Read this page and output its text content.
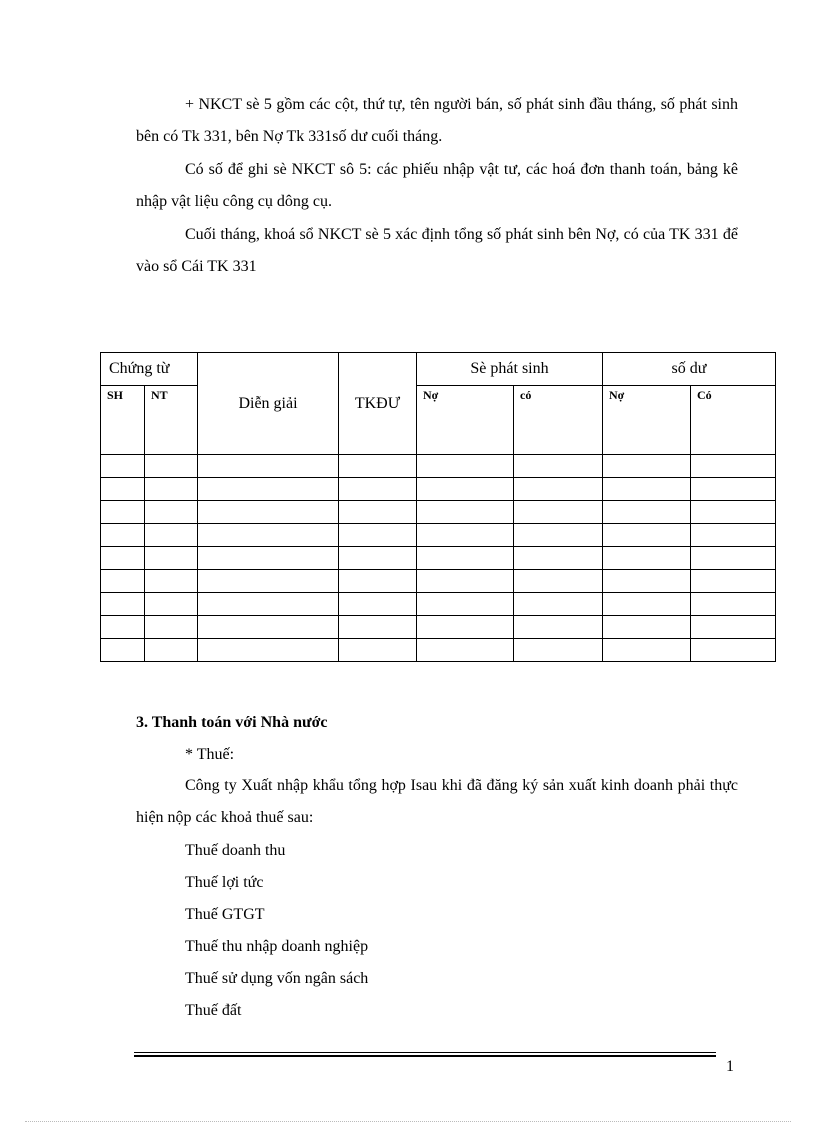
+ NKCT sè 5 gồm các cột, thứ tự, tên người bán, số phát sinh đầu tháng, số phát sinh bên có Tk 331, bên Nợ Tk 331số dư cuối tháng.
Có số để ghi sè NKCT sô 5: các phiếu nhập vật tư, các hoá đơn thanh toán, bảng kê nhập vật liệu công cụ dông cụ.
Cuối tháng, khoá sổ NKCT sè 5 xác định tổng số phát sinh bên Nợ, có của TK 331 để vào sổ Cái TK 331
Chứng từ		Diễn giải	TKĐƯ	Sè phát sinh		số dư	
SH	NT			Nợ	có	Nợ	Có

3. Thanh toán với Nhà nước
* Thuế:
Công ty Xuất nhập khẩu tổng hợp Isau khi đã đăng ký sản xuất kinh doanh phải thực hiện nộp các khoả thuế sau:
Thuế doanh thu
Thuế lợi tức
Thuế GTGT
Thuế thu nhập doanh nghiệp
Thuế sử dụng vốn ngân sách
Thuế đất
1
